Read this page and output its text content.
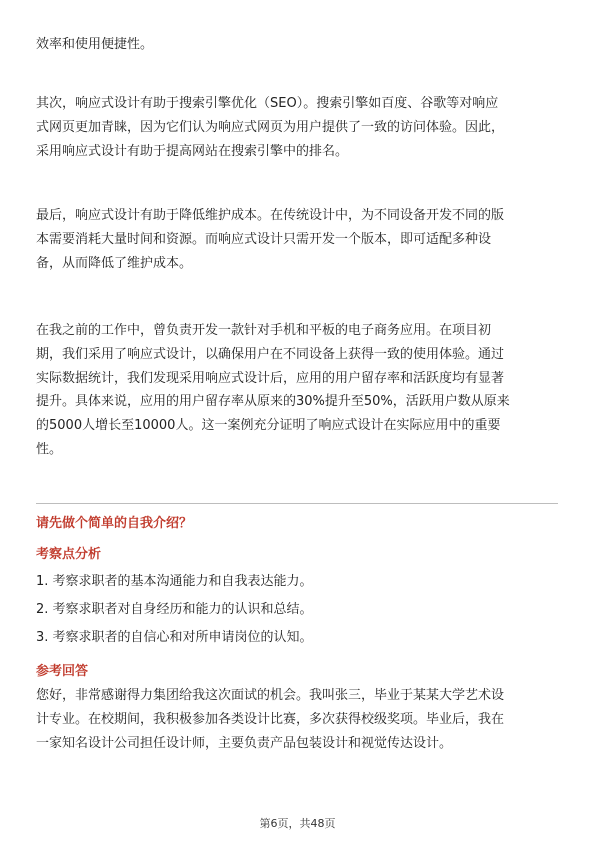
效率和使用便捷性。

其次，响应式设计有助于搜索引擎优化（SEO）。搜索引擎如百度、谷歌等对响应
式网页更加青睐，因为它们认为响应式网页为用户提供了一致的访问体验。因此，
采用响应式设计有助于提高网站在搜索引擎中的排名。

最后，响应式设计有助于降低维护成本。在传统设计中，为不同设备开发不同的版
本需要消耗大量时间和资源。而响应式设计只需开发一个版本，即可适配多种设
备，从而降低了维护成本。

在我之前的工作中，曾负责开发一款针对手机和平板的电子商务应用。在项目初
期，我们采用了响应式设计，以确保用户在不同设备上获得一致的使用体验。通过
实际数据统计，我们发现采用响应式设计后，应用的用户留存率和活跃度均有显著
提升。具体来说，应用的用户留存率从原来的30%提升至50%，活跃用户数从原来
的5000人增长至10000人。这一案例充分证明了响应式设计在实际应用中的重要
性。

请先做个简单的自我介绍？
考察点分析
1. 考察求职者的基本沟通能力和自我表达能力。
2. 考察求职者对自身经历和能力的认识和总结。
3. 考察求职者的自信心和对所申请岗位的认知。
参考回答

您好，非常感谢得力集团给我这次面试的机会。我叫张三，毕业于某某大学艺术设
计专业。在校期间，我积极参加各类设计比赛，多次获得校级奖项。毕业后，我在
一家知名设计公司担任设计师，主要负责产品包装设计和视觉传达设计。

第6页，共48页
